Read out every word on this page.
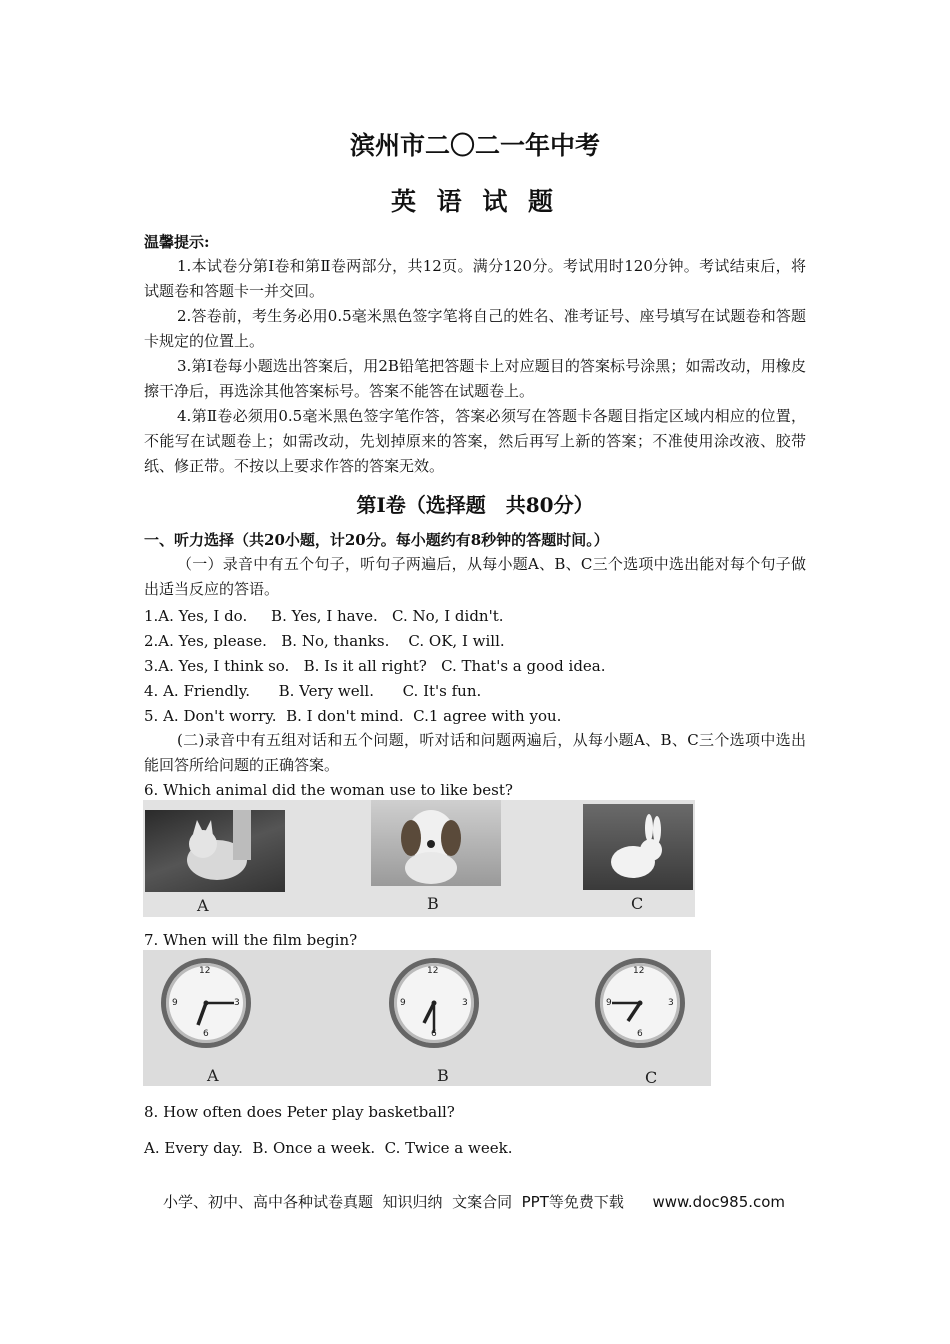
滨州市二〇二一年中考
英 语 试 题
温馨提示:
1.本试卷分第Ⅰ卷和第Ⅱ卷两部分，共12页。满分120分。考试用时120分钟。考试结束后，将试题卷和答题卡一并交回。
2.答卷前，考生务必用0.5毫米黑色签字笔将自己的姓名、准考证号、座号填写在试题卷和答题卡规定的位置上。
3.第I卷每小题选出答案后，用2B铅笔把答题卡上对应题目的答案标号涂黑；如需改动，用橡皮擦干净后，再选涂其他答案标号。答案不能答在试题卷上。
4.第Ⅱ卷必须用0.5毫米黑色签字笔作答，答案必须写在答题卡各题目指定区域内相应的位置，不能写在试题卷上；如需改动，先划掉原来的答案，然后再写上新的答案；不准使用涂改液、胶带纸、修正带。不按以上要求作答的答案无效。
第Ⅰ卷（选择题　共80分）
一、听力选择（共20小题，计20分。每小题约有8秒钟的答题时间。）
（一）录音中有五个句子，听句子两遍后，从每小题A、B、C三个选项中选出能对每个句子做出适当反应的答语。
1.A. Yes, I do.     B. Yes, I have.   C. No, I didn't.
2.A. Yes, please.   B. No, thanks.    C. OK, I will.
3.A. Yes, I think so.   B. Is it all right?   C. That's a good idea.
4. A. Friendly.      B. Very well.      C. It's fun.
5. A. Don't worry.  B. I don't mind.  C.1 agree with you.
(二)录音中有五组对话和五个问题，听对话和问题两遍后，从每小题A、B、C三个选项中选出能回答所给问题的正确答案。
6. Which animal did the woman use to like best?
A	B	C
7. When will the film begin?
12
3
6
9
12
3
6
9
12
3
6
9
A	B	C
8. How often does Peter play basketball?
A. Every day.  B. Once a week.  C. Twice a week.
小学、初中、高中各种试卷真题  知识归纳  文案合同  PPT等免费下载      www.doc985.com
